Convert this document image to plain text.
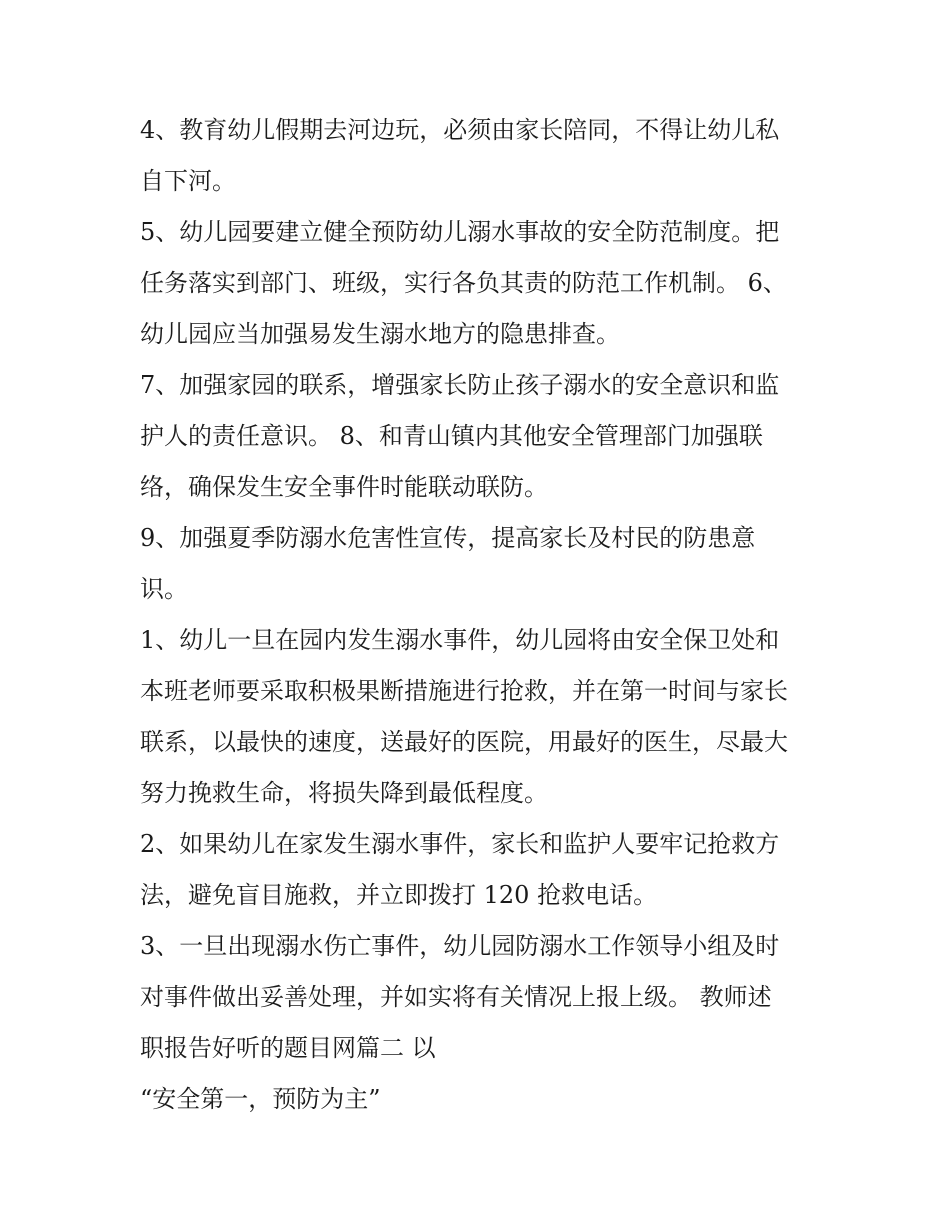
4、教育幼儿假期去河边玩，必须由家长陪同，不得让幼儿私
自下河。
5、幼儿园要建立健全预防幼儿溺水事故的安全防范制度。把
任务落实到部门、班级，实行各负其责的防范工作机制。 6、
幼儿园应当加强易发生溺水地方的隐患排查。
7、加强家园的联系，增强家长防止孩子溺水的安全意识和监
护人的责任意识。 8、和青山镇内其他安全管理部门加强联
络，确保发生安全事件时能联动联防。
9、加强夏季防溺水危害性宣传，提高家长及村民的防患意
识。
1、幼儿一旦在园内发生溺水事件，幼儿园将由安全保卫处和
本班老师要采取积极果断措施进行抢救，并在第一时间与家长
联系，以最快的速度，送最好的医院，用最好的医生，尽最大
努力挽救生命，将损失降到最低程度。
2、如果幼儿在家发生溺水事件，家长和监护人要牢记抢救方
法，避免盲目施救，并立即拨打 120 抢救电话。
3、一旦出现溺水伤亡事件，幼儿园防溺水工作领导小组及时
对事件做出妥善处理，并如实将有关情况上报上级。 教师述
职报告好听的题目网篇二 以
“安全第一，预防为主”
